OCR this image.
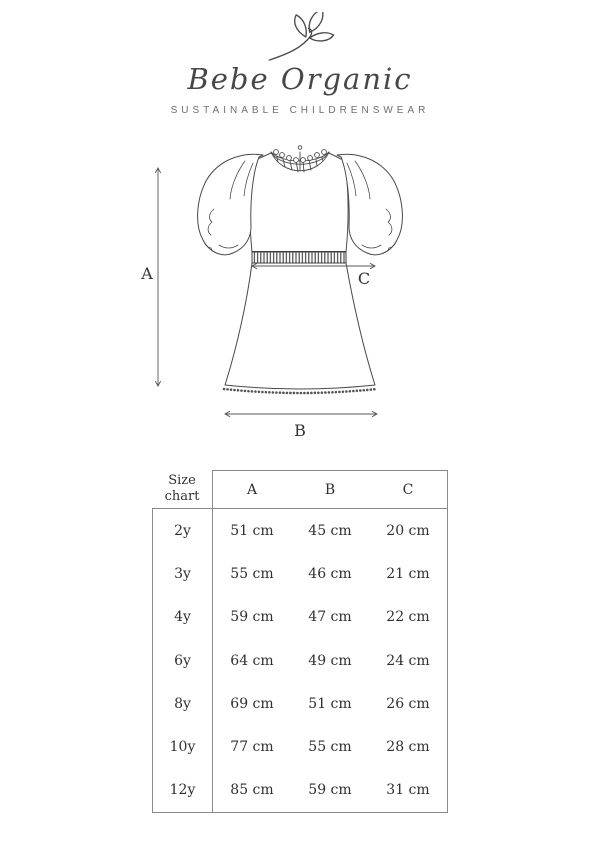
Bebe Organic
SUSTAINABLE CHILDRENSWEAR
A	C
B
Size chart	A	B	C
2y	51 cm	45 cm	20 cm
3y	55 cm	46 cm	21 cm
4y	59 cm	47 cm	22 cm
6y	64 cm	49 cm	24 cm
8y	69 cm	51 cm	26 cm
10y	77 cm	55 cm	28 cm
12y	85 cm	59 cm	31 cm
